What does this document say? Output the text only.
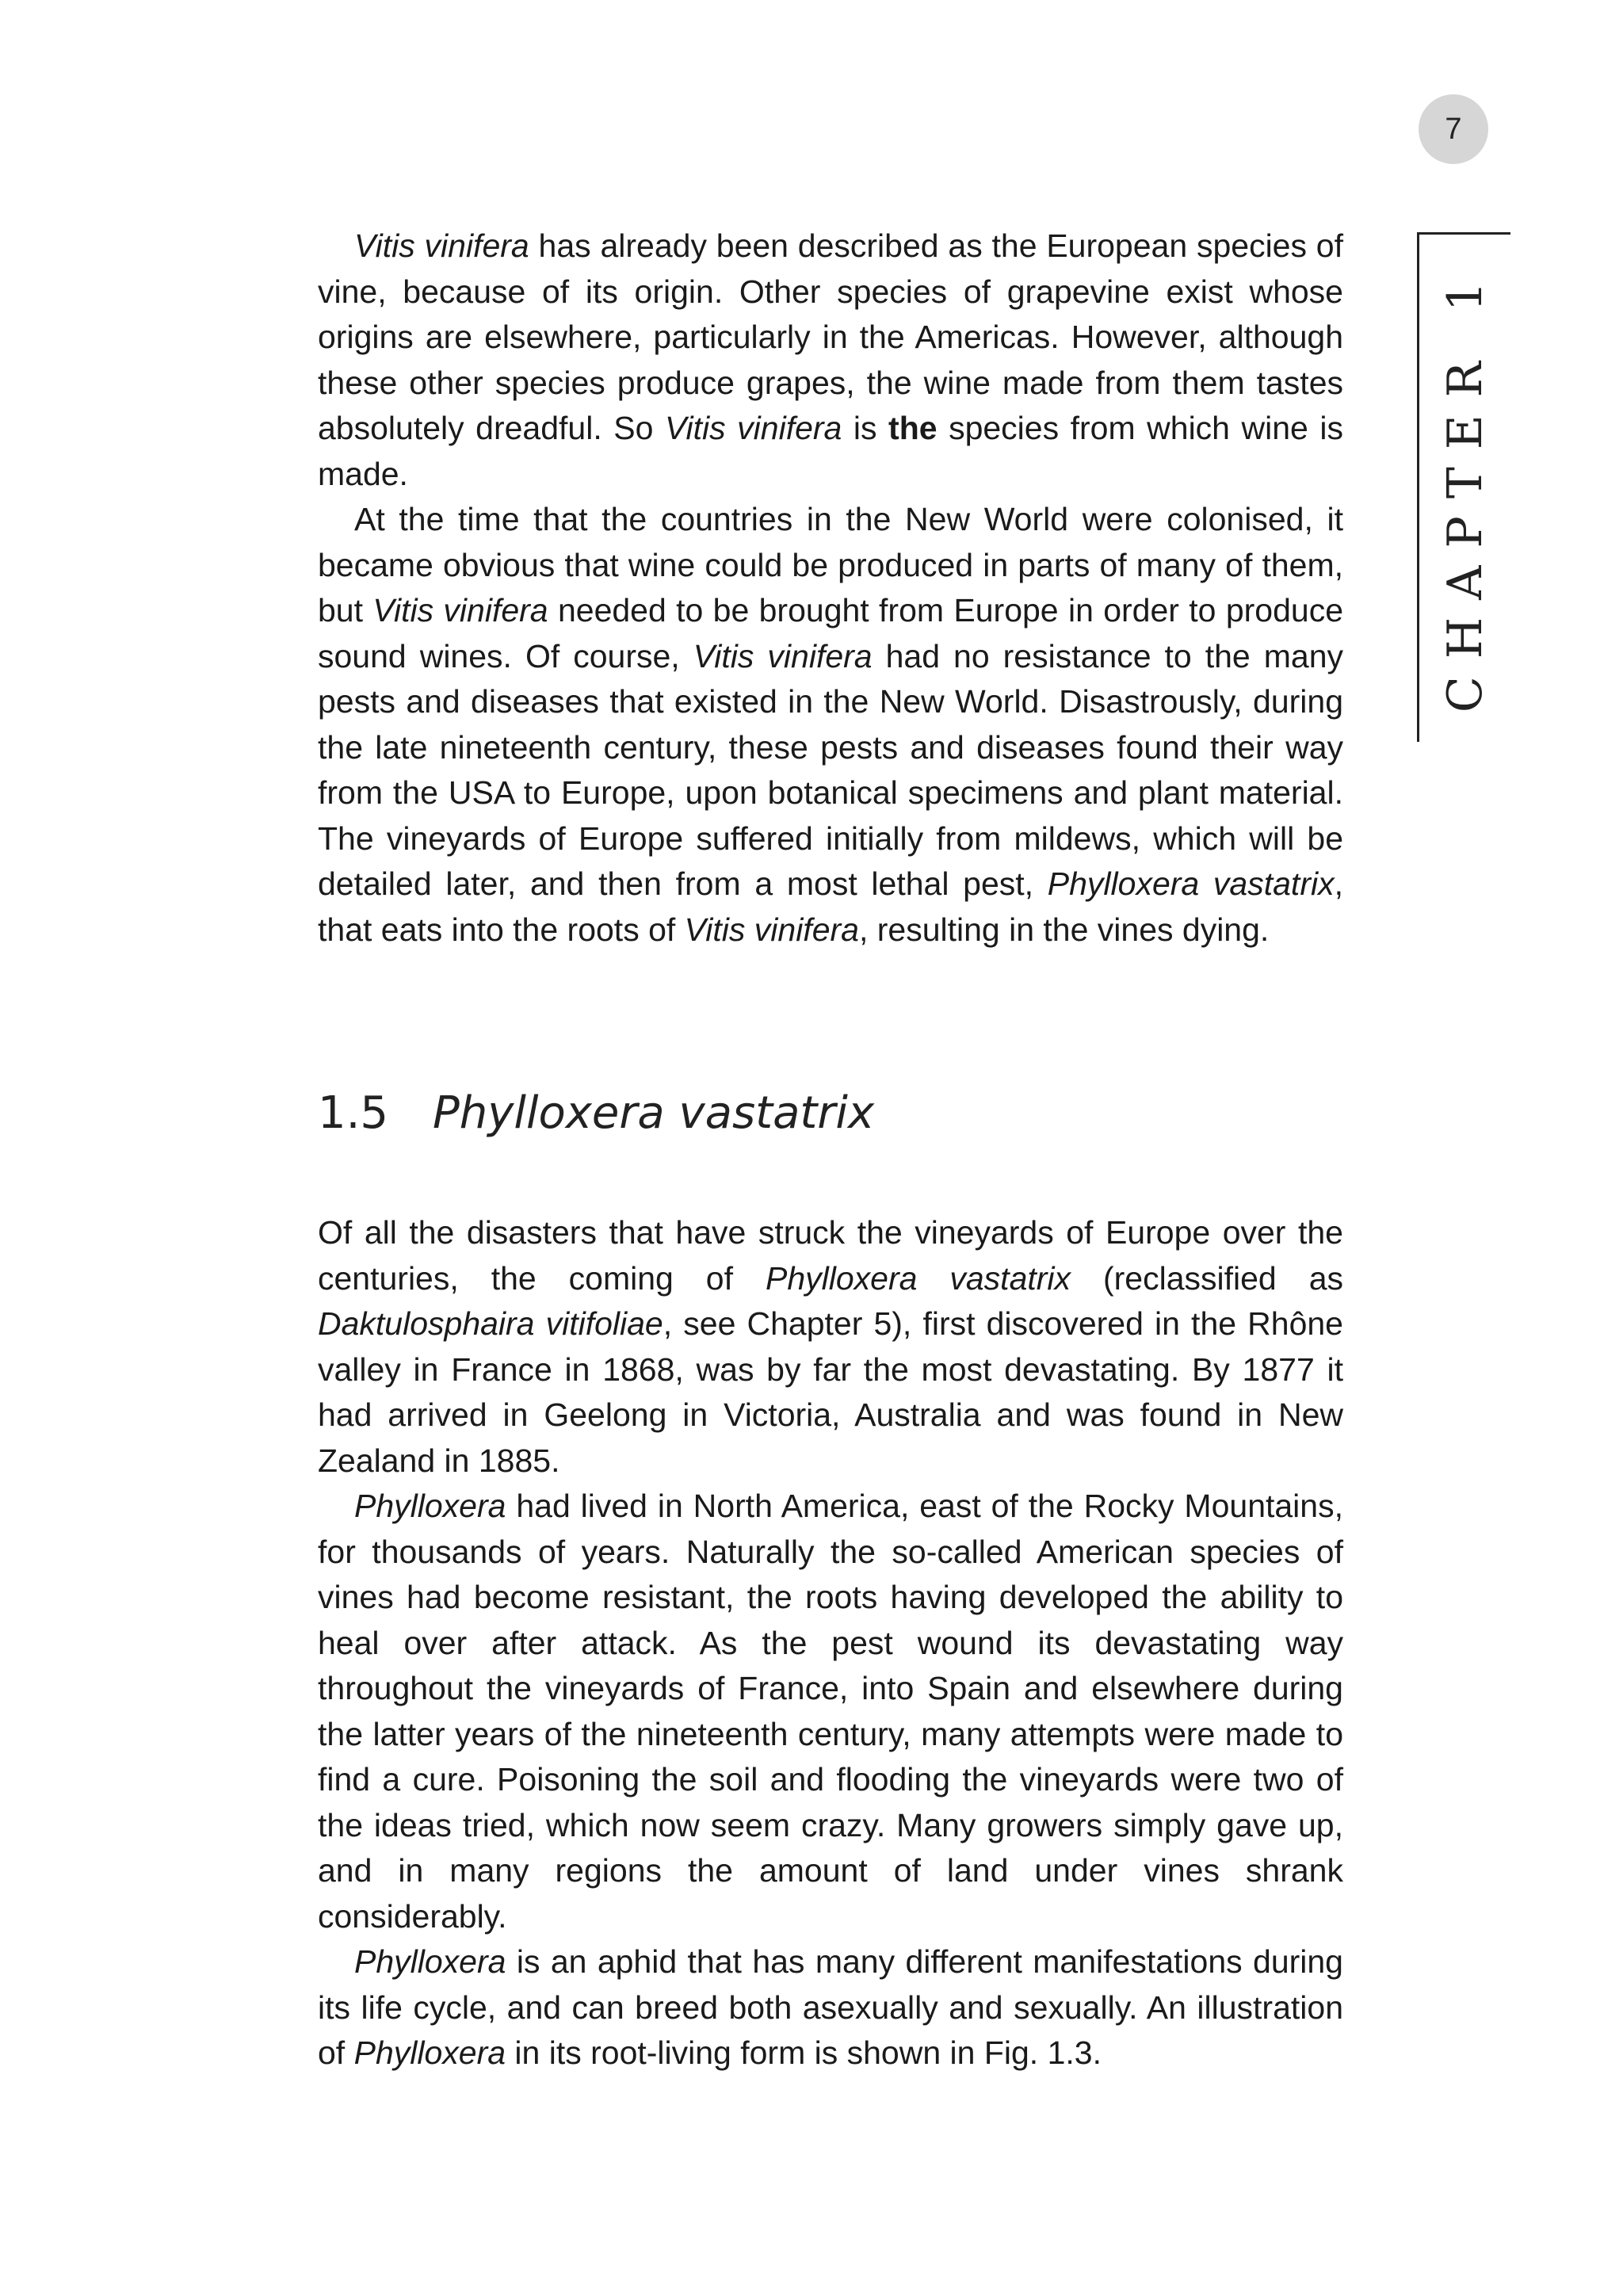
7
CHAPTER 1

Vitis vinifera has already been described as the European species of vine, because of its origin. Other species of grapevine exist whose origins are elsewhere, particularly in the Americas. However, although these other species produce grapes, the wine made from them tastes absolutely dreadful. So Vitis vinifera is the species from which wine is made.

At the time that the countries in the New World were colonised, it became obvious that wine could be produced in parts of many of them, but Vitis vinifera needed to be brought from Europe in order to produce sound wines. Of course, Vitis vinifera had no resistance to the many pests and diseases that existed in the New World. Disastrously, during the late nineteenth century, these pests and diseases found their way from the USA to Europe, upon botanical specimens and plant material. The vineyards of Europe suffered initially from mildews, which will be detailed later, and then from a most lethal pest, Phylloxera vastatrix, that eats into the roots of Vitis vinifera, resulting in the vines dying.

1.5 Phylloxera vastatrix

Of all the disasters that have struck the vineyards of Europe over the centuries, the coming of Phylloxera vastatrix (reclassified as Daktulosphaira vitifoliae, see Chapter 5), first discovered in the Rhône valley in France in 1868, was by far the most devastating. By 1877 it had arrived in Geelong in Victoria, Australia and was found in New Zealand in 1885.

Phylloxera had lived in North America, east of the Rocky Mountains, for thousands of years. Naturally the so-called American species of vines had become resistant, the roots having developed the ability to heal over after attack. As the pest wound its devastating way throughout the vineyards of France, into Spain and elsewhere during the latter years of the nineteenth century, many attempts were made to find a cure. Poisoning the soil and flooding the vineyards were two of the ideas tried, which now seem crazy. Many growers simply gave up, and in many regions the amount of land under vines shrank considerably.

Phylloxera is an aphid that has many different manifestations during its life cycle, and can breed both asexually and sexually. An illustration of Phylloxera in its root-living form is shown in Fig. 1.3.
